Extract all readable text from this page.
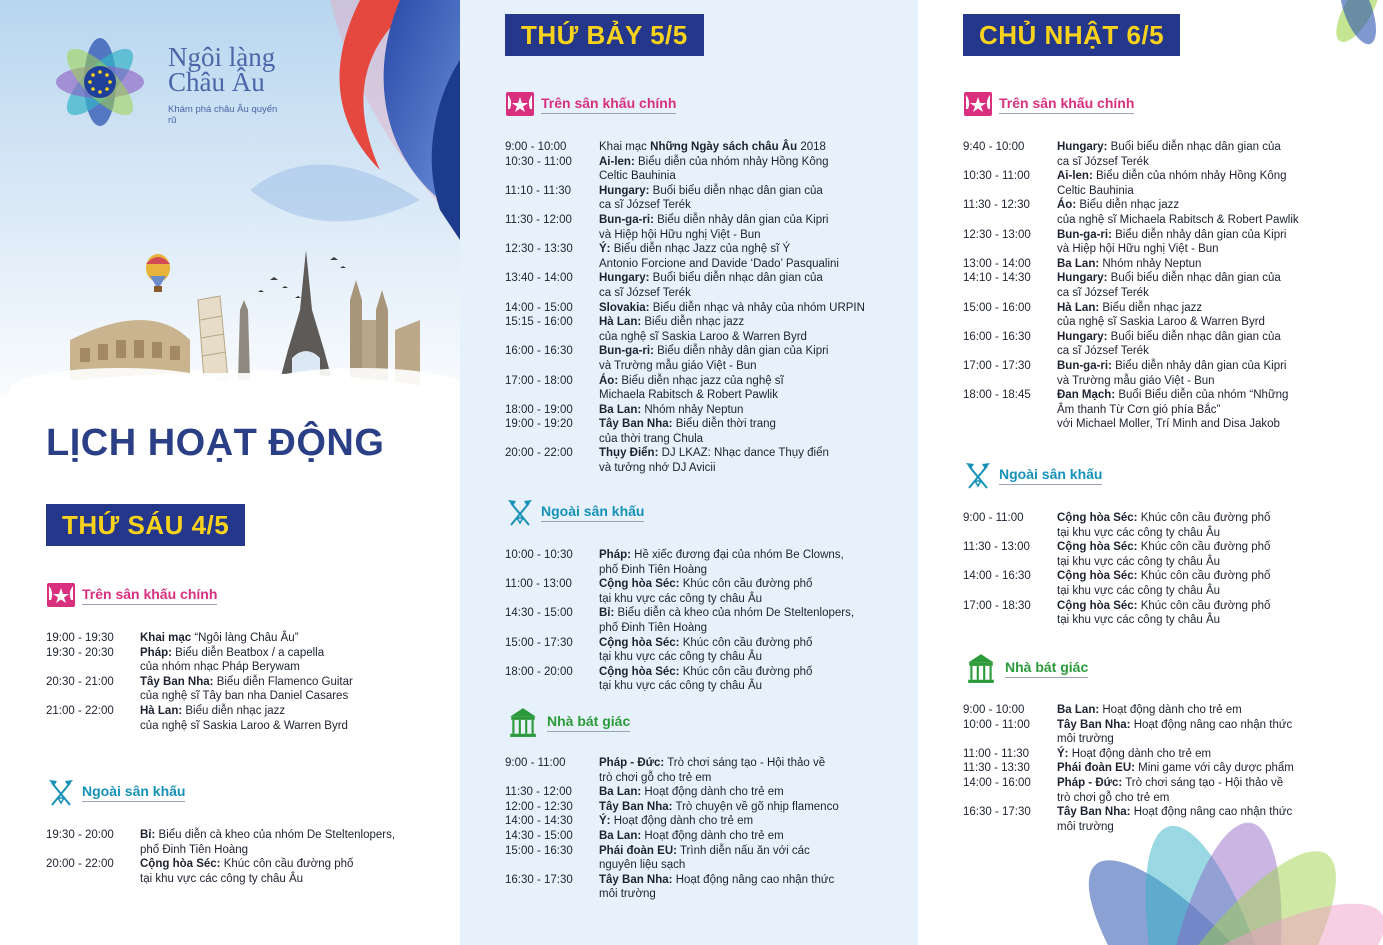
Ngôi làng
Châu Âu
Khám phá châu Âu quyến rũ
LỊCH HOẠT ĐỘNG
THỨ SÁU 4/5
Trên sân khấu chính
19:00 - 19:30	Khai mạc “Ngôi làng Châu Âu”
19:30 - 20:30	Pháp: Biểu diễn Beatbox / a capella
của nhóm nhạc Pháp Berywam
20:30 - 21:00	Tây Ban Nha: Biểu diễn Flamenco Guitar
của nghệ sĩ Tây ban nha Daniel Casares
21:00 - 22:00	Hà Lan: Biểu diễn nhạc jazz
của nghệ sĩ Saskia Laroo & Warren Byrd
Ngoài sân khấu
19:30 - 20:00	Bỉ: Biểu diễn cà kheo của nhóm De Steltenlopers,
phố Đinh Tiên Hoàng
20:00 - 22:00	Cộng hòa Séc: Khúc côn cầu đường phố
tại khu vực các công ty châu Âu
THỨ BẢY 5/5
Trên sân khấu chính
9:00 - 10:00	Khai mạc Những Ngày sách châu Âu 2018
10:30 - 11:00	Ai-len: Biểu diễn của nhóm nhảy Hồng Kông
Celtic Bauhinia
11:10 - 11:30	Hungary: Buổi biểu diễn nhạc dân gian của
ca sĩ József Terék
11:30 - 12:00	Bun-ga-ri: Biểu diễn nhảy dân gian của Kipri
và Hiệp hội Hữu nghị Việt - Bun
12:30 - 13:30	Ý: Biểu diễn nhạc Jazz của nghệ sĩ Ý
Antonio Forcione and Davide ‘Dado’ Pasqualini
13:40 - 14:00	Hungary: Buổi biểu diễn nhạc dân gian của
ca sĩ József Terék
14:00 - 15:00	Slovakia: Biểu diễn nhạc và nhảy của nhóm URPIN
15:15 - 16:00	Hà Lan: Biểu diễn nhạc jazz
của nghệ sĩ Saskia Laroo & Warren Byrd
16:00 - 16:30	Bun-ga-ri: Biểu diễn nhảy dân gian của Kipri
và Trường mẫu giáo Việt - Bun
17:00 - 18:00	Áo: Biểu diễn nhạc jazz của nghệ sĩ
Michaela Rabitsch & Robert Pawlik
18:00 - 19:00	Ba Lan: Nhóm nhảy Neptun
19:00 - 19:20	Tây Ban Nha: Biểu diễn thời trang
của thời trang Chula
20:00 - 22:00	Thụy Điển: DJ LKAZ: Nhạc dance Thụy điển
và tưởng nhớ DJ Avicii
Ngoài sân khấu
10:00 - 10:30	Pháp: Hề xiếc đương đại của nhóm Be Clowns,
phố Đinh Tiên Hoàng
11:00 - 13:00	Cộng hòa Séc: Khúc côn cầu đường phố
tại khu vực các công ty châu Âu
14:30 - 15:00	Bỉ: Biểu diễn cà kheo của nhóm De Steltenlopers,
phố Đinh Tiên Hoàng
15:00 - 17:30	Cộng hòa Séc: Khúc côn cầu đường phố
tại khu vực các công ty châu Âu
18:00 - 20:00	Cộng hòa Séc: Khúc côn cầu đường phố
tại khu vực các công ty châu Âu
Nhà bát giác
9:00 - 11:00	Pháp - Đức: Trò chơi sáng tạo - Hội thảo về
trò chơi gỗ cho trẻ em
11:30 - 12:00	Ba Lan: Hoạt động dành cho trẻ em
12:00 - 12:30	Tây Ban Nha: Trò chuyện về gõ nhịp flamenco
14:00 - 14:30	Ý: Hoạt động dành cho trẻ em
14:30 - 15:00	Ba Lan: Hoạt động dành cho trẻ em
15:00 - 16:30	Phái đoàn EU: Trình diễn nấu ăn với các
nguyên liệu sạch
16:30 - 17:30	Tây Ban Nha: Hoạt động nâng cao nhận thức
môi trường
CHỦ NHẬT 6/5
Trên sân khấu chính
9:40 - 10:00	Hungary: Buổi biểu diễn nhạc dân gian của
ca sĩ József Terék
10:30 - 11:00	Ai-len: Biểu diễn của nhóm nhảy Hồng Kông
Celtic Bauhinia
11:30 - 12:30	Áo: Biểu diễn nhạc jazz
của nghệ sĩ Michaela Rabitsch & Robert Pawlik
12:30 - 13:00	Bun-ga-ri: Biểu diễn nhảy dân gian của Kipri
và Hiệp hội Hữu nghị Việt - Bun
13:00 - 14:00	Ba Lan: Nhóm nhảy Neptun
14:10 - 14:30	Hungary: Buổi biểu diễn nhạc dân gian của
ca sĩ József Terék
15:00 - 16:00	Hà Lan: Biểu diễn nhạc jazz
của nghệ sĩ Saskia Laroo & Warren Byrd
16:00 - 16:30	Hungary: Buổi biểu diễn nhạc dân gian của
ca sĩ József Terék
17:00 - 17:30	Bun-ga-ri: Biểu diễn nhảy dân gian của Kipri
và Trường mẫu giáo Việt - Bun
18:00 - 18:45	Đan Mạch: Buổi Biểu diễn của nhóm “Những
Âm thanh Từ Cơn gió phía Bắc”
với Michael Moller, Trí Minh and Disa Jakob
Ngoài sân khấu
9:00 - 11:00	Cộng hòa Séc: Khúc côn cầu đường phố
tại khu vực các công ty châu Âu
11:30 - 13:00	Cộng hòa Séc: Khúc côn cầu đường phố
tại khu vực các công ty châu Âu
14:00 - 16:30	Cộng hòa Séc: Khúc côn cầu đường phố
tại khu vực các công ty châu Âu
17:00 - 18:30	Cộng hòa Séc: Khúc côn cầu đường phố
tại khu vực các công ty châu Âu
Nhà bát giác
9:00 - 10:00	Ba Lan: Hoạt động dành cho trẻ em
10:00 - 11:00	Tây Ban Nha: Hoạt động nâng cao nhận thức
môi trường
11:00 - 11:30	Ý: Hoạt động dành cho trẻ em
11:30 - 13:30	Phái đoàn EU: Mini game với cây dược phẩm
14:00 - 16:00	Pháp - Đức: Trò chơi sáng tạo - Hội thảo về
trò chơi gỗ cho trẻ em
16:30 - 17:30	Tây Ban Nha: Hoạt động nâng cao nhận thức
môi trường
